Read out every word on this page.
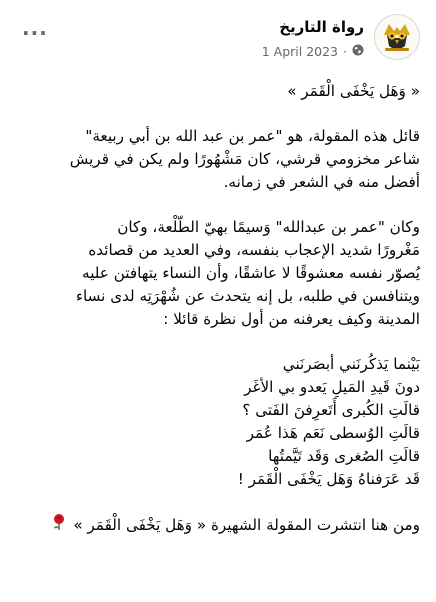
...	رواة التاريخ
1 April 2023 ·

« وَهَل يَخْفَى الْقَمَر »

قائل هذه المقولة، هو "عمر بن عبد الله بن أبي ربيعة"

شاعر مخزومي قرشي، كان مَشْهُورًا ولم يكن في قريش

أفضل منه في الشعر في زمانه.

وكان "عمر بن عبدالله" وَسيمًا بهيّ الطّلْعة، وكان

مَغْرورًا شديد الإعجاب بنفسه، وفي العديد من قصائده

يُصوّر نفسه معشوقًا لا عاشقًا، وأن النساء يتهافتن عليه

ويتنافسن في طلبه، بل إنه يتحدث عن شُهْرَتِه لدى نساء

المدينة وكيف يعرفنه من أول نظرة قائلا :

بَيْنما يَذكُرنَني أبصَرنَني

دونَ قَيدِ المَيلِ يَعدو بي الأغَر

قالَتِ الكُبرى أَتَعرِفنَ الفَتى ؟

قالَتِ الوُسطى نَعَم هَذا عُمَر

قالَتِ الصُغرى وَقَد تَيَّمتُها

قَد عَرَفناهُ وَهَل يَخْفَى الْقَمَر !

ومن هنا انتشرت المقولة الشهيرة « وَهَل يَخْفَى الْقَمَر »
